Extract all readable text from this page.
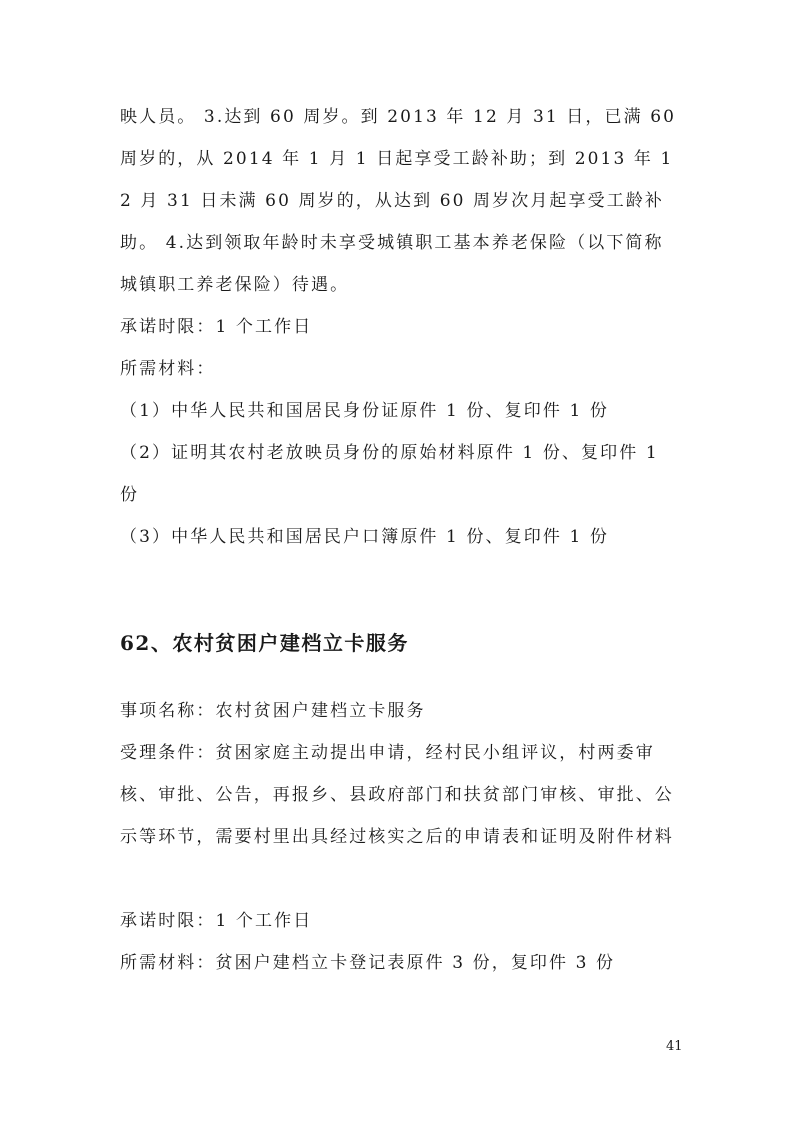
映人员。 3.达到 60 周岁。到 2013 年 12 月 31 日，已满 60 周岁的，从 2014 年 1 月 1 日起享受工龄补助；到 2013 年 12 月 31 日未满 60 周岁的，从达到 60 周岁次月起享受工龄补助。 4.达到领取年龄时未享受城镇职工基本养老保险（以下简称城镇职工养老保险）待遇。
承诺时限：1 个工作日
所需材料：
（1）中华人民共和国居民身份证原件 1 份、复印件 1 份
（2）证明其农村老放映员身份的原始材料原件 1 份、复印件 1 份
（3）中华人民共和国居民户口簿原件 1 份、复印件 1 份
62、农村贫困户建档立卡服务
事项名称：农村贫困户建档立卡服务
受理条件：贫困家庭主动提出申请，经村民小组评议，村两委审核、审批、公告，再报乡、县政府部门和扶贫部门审核、审批、公示等环节，需要村里出具经过核实之后的申请表和证明及附件材料
承诺时限：1 个工作日
所需材料：贫困户建档立卡登记表原件 3 份，复印件 3 份
41
